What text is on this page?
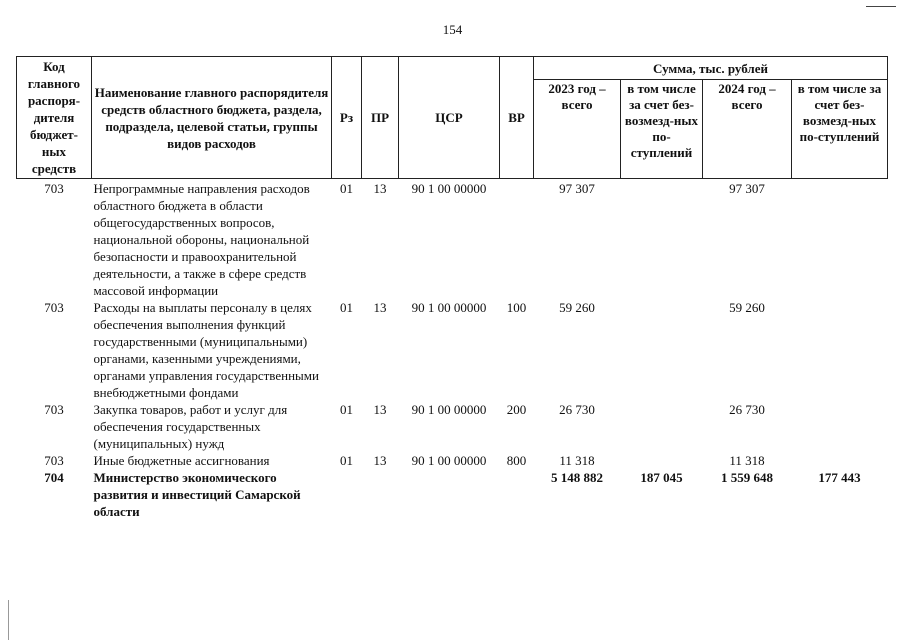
154
Код главного распоря-дителя бюджет-ных средств	Наименование главного распорядителя средств областного бюджета, раздела, подраздела, целевой статьи, группы видов расходов	Рз	ПР	ЦСР	ВР	Сумма, тыс. рублей			
						2023 год – всего	в том числе за счет без-возмезд-ных по-ступлений	2024 год – всего	в том числе за счет без-возмезд-ных по-ступлений
703	Непрограммные направления расходов областного бюджета в области общегосударственных вопросов, национальной обороны, национальной безопасности и правоохранительной деятельности, а также в сфере средств массовой информации	01	13	90 1 00 00000		97 307		97 307	
703	Расходы на выплаты персоналу в целях обеспечения выполнения функций государственными (муниципальными) органами, казенными учреждениями, органами управления государственными внебюджетными фондами	01	13	90 1 00 00000	100	59 260		59 260	
703	Закупка товаров, работ и услуг для обеспечения государственных (муниципальных) нужд	01	13	90 1 00 00000	200	26 730		26 730	
703	Иные бюджетные ассигнования	01	13	90 1 00 00000	800	11 318		11 318	
704	Министерство экономического развития и инвестиций Самарской области					5 148 882	187 045	1 559 648	177 443
